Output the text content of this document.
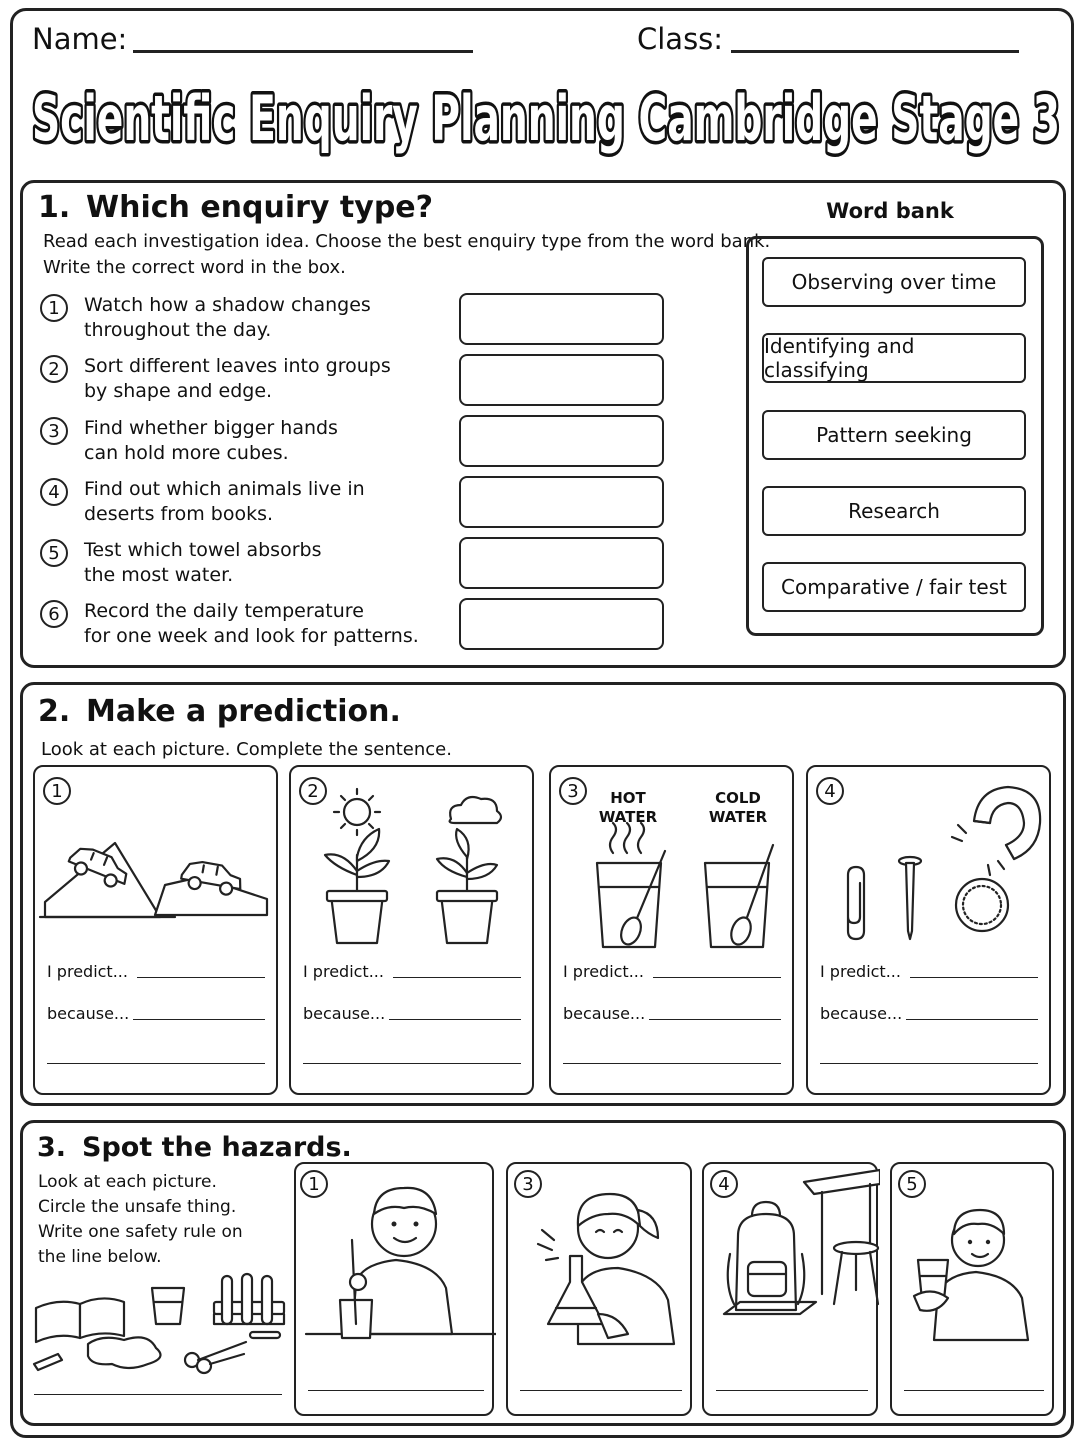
Name:	Class:
Scientific Enquiry Planning Cambridge Stage 3
1. Which enquiry type?
Read each investigation idea. Choose the best enquiry type from the word bank.
Write the correct word in the box.
1	Watch how a shadow changes
throughout the day.
2	Sort different leaves into groups
by shape and edge.
3	Find whether bigger hands
can hold more cubes.
4	Find out which animals live in
deserts from books.
5	Test which towel absorbs
the most water.
6	Record the daily temperature
for one week and look for patterns.
Word bank
Observing over time
Identifying and classifying
Pattern seeking
Research
Comparative / fair test
2. Make a prediction.
Look at each picture. Complete the sentence.
1
I predict...
because...
2
I predict...
because...
3	HOT
WATER
COLD
WATER
I predict...
because...
4
I predict...
because...
3. Spot the hazards.
Look at each picture.
Circle the unsafe thing.
Write one safety rule on
the line below.
1	3	4	5
